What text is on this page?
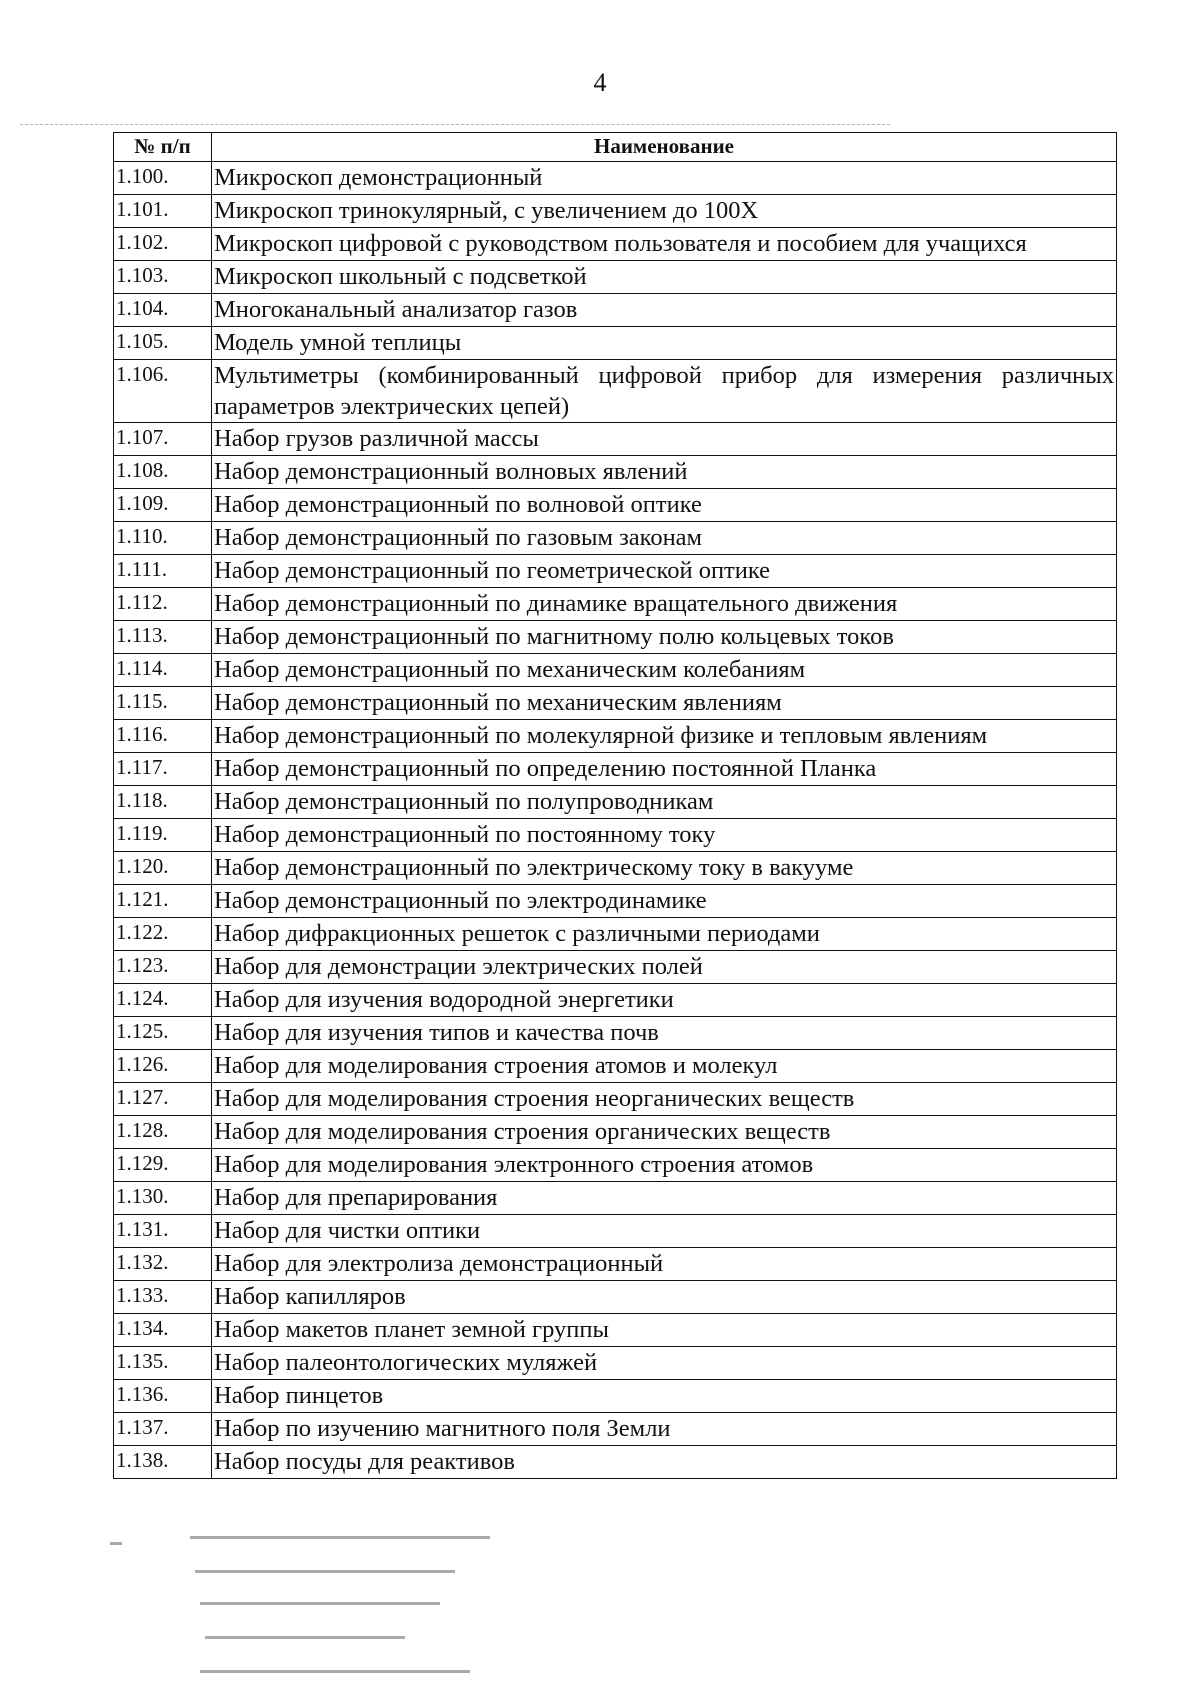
4
№ п/п	Наименование
1.100.	Микроскоп демонстрационный
1.101.	Микроскоп тринокулярный, с увеличением до 100Х
1.102.	Микроскоп цифровой с руководством пользователя и пособием для учащихся
1.103.	Микроскоп школьный с подсветкой
1.104.	Многоканальный анализатор газов
1.105.	Модель умной теплицы
1.106.	Мультиметры (комбинированный цифровой прибор для измерения различных параметров электрических цепей)
1.107.	Набор грузов различной массы
1.108.	Набор демонстрационный волновых явлений
1.109.	Набор демонстрационный по волновой оптике
1.110.	Набор демонстрационный по газовым законам
1.111.	Набор демонстрационный по геометрической оптике
1.112.	Набор демонстрационный по динамике вращательного движения
1.113.	Набор демонстрационный по магнитному полю кольцевых токов
1.114.	Набор демонстрационный по механическим колебаниям
1.115.	Набор демонстрационный по механическим явлениям
1.116.	Набор демонстрационный по молекулярной физике и тепловым явлениям
1.117.	Набор демонстрационный по определению постоянной Планка
1.118.	Набор демонстрационный по полупроводникам
1.119.	Набор демонстрационный по постоянному току
1.120.	Набор демонстрационный по электрическому току в вакууме
1.121.	Набор демонстрационный по электродинамике
1.122.	Набор дифракционных решеток с различными периодами
1.123.	Набор для демонстрации электрических полей
1.124.	Набор для изучения водородной энергетики
1.125.	Набор для изучения типов и качества почв
1.126.	Набор для моделирования строения атомов и молекул
1.127.	Набор для моделирования строения неорганических веществ
1.128.	Набор для моделирования строения органических веществ
1.129.	Набор для моделирования электронного строения атомов
1.130.	Набор для препарирования
1.131.	Набор для чистки оптики
1.132.	Набор для электролиза демонстрационный
1.133.	Набор капилляров
1.134.	Набор макетов планет земной группы
1.135.	Набор палеонтологических муляжей
1.136.	Набор пинцетов
1.137.	Набор по изучению магнитного поля Земли
1.138.	Набор посуды для реактивов
